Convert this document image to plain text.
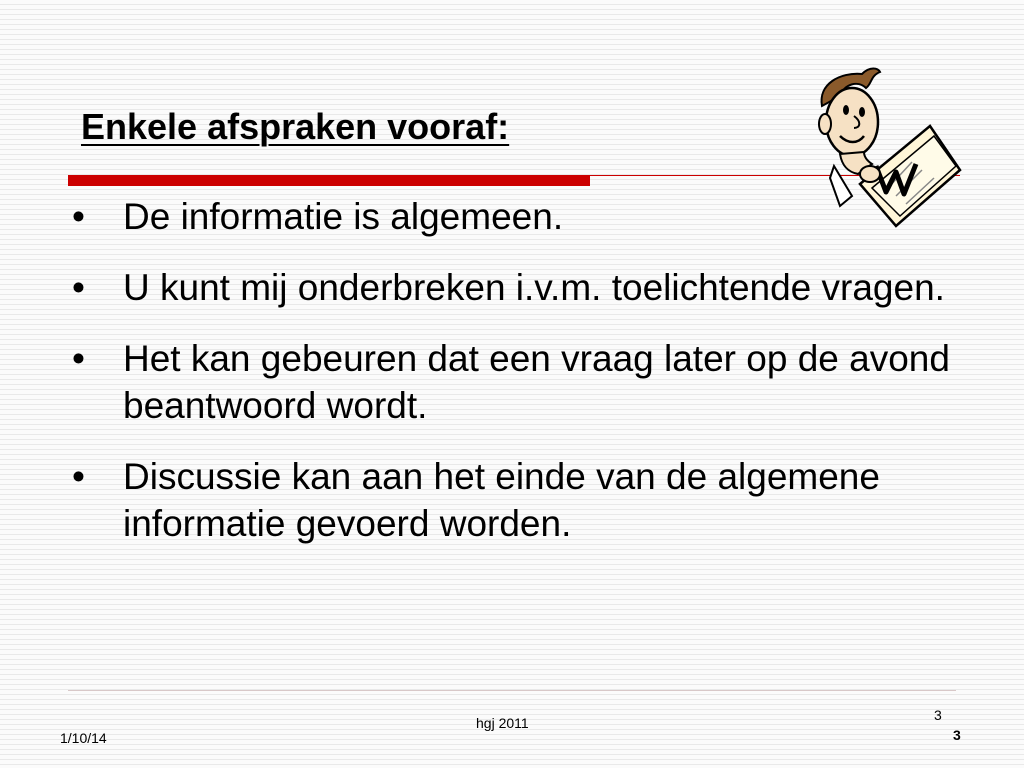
Enkele afspraken vooraf:
• De informatie is algemeen.
• U kunt mij onderbreken i.v.m. toelichtende vragen.
• Het kan gebeuren dat een vraag later op de avond beantwoord wordt.
• Discussie kan aan het einde van de algemene informatie gevoerd worden.
1/10/14
hgj 2011	3
3
